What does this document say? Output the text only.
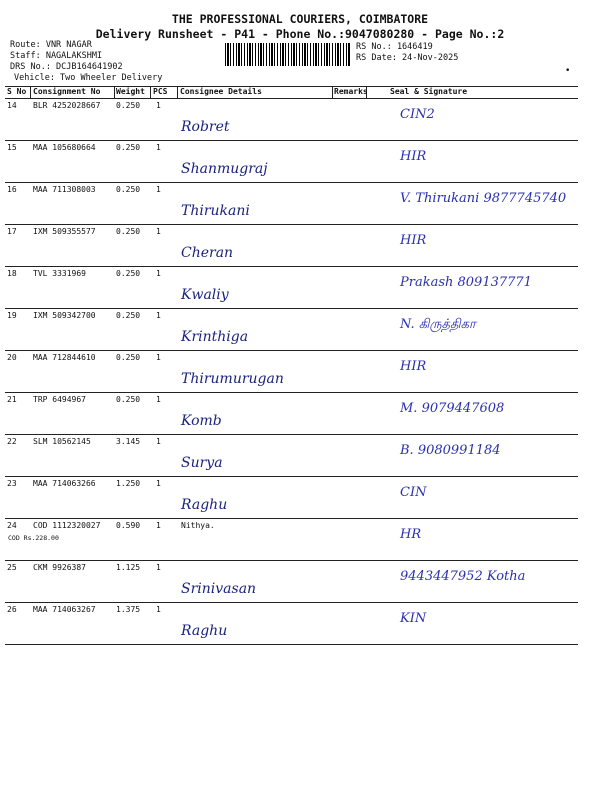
THE PROFESSIONAL COURIERS, COIMBATORE
Delivery Runsheet - P41 - Phone No.:9047080280 - Page No.:2
Route: VNR NAGAR
Staff: NAGALAKSHMI
DRS No.: DCJB164641902
Vehicle: Two Wheeler Delivery
RS No.: 1646419
RS Date: 24-Nov-2025
•
S No Consignment No Weight PCS Consignee Details	Remarks	Seal & Signature
14 BLR 4252028667 0.250 1
Robret
CIN2
15 MAA 105680664	0.250 1
Shanmugraj
HIR
16 MAA 711308003	0.250 1
Thirukani
V. Thirukani 9877745740
17 IXM 509355577	0.250 1
Cheran
HIR
18 TVL 3331969	0.250 1
Kwaliy
Prakash 809137771
19 IXM 509342700	0.250 1
Krinthiga
N. கிருத்திகா
20 MAA 712844610	0.250 1
Thirumurugan
HIR
21 TRP 6494967	0.250 1
Komb
M. 9079447608
22 SLM 10562145	3.145 1
Surya
B. 9080991184
23 MAA 714063266	1.250 1
Raghu
CIN
24 COD 1112320027 0.590 1	Nithya.
HR
25 CKM 9926387	1.125 1
Srinivasan
9443447952 Kotha
26 MAA 714063267	1.375 1
Raghu
KIN
COD Rs.228.00
